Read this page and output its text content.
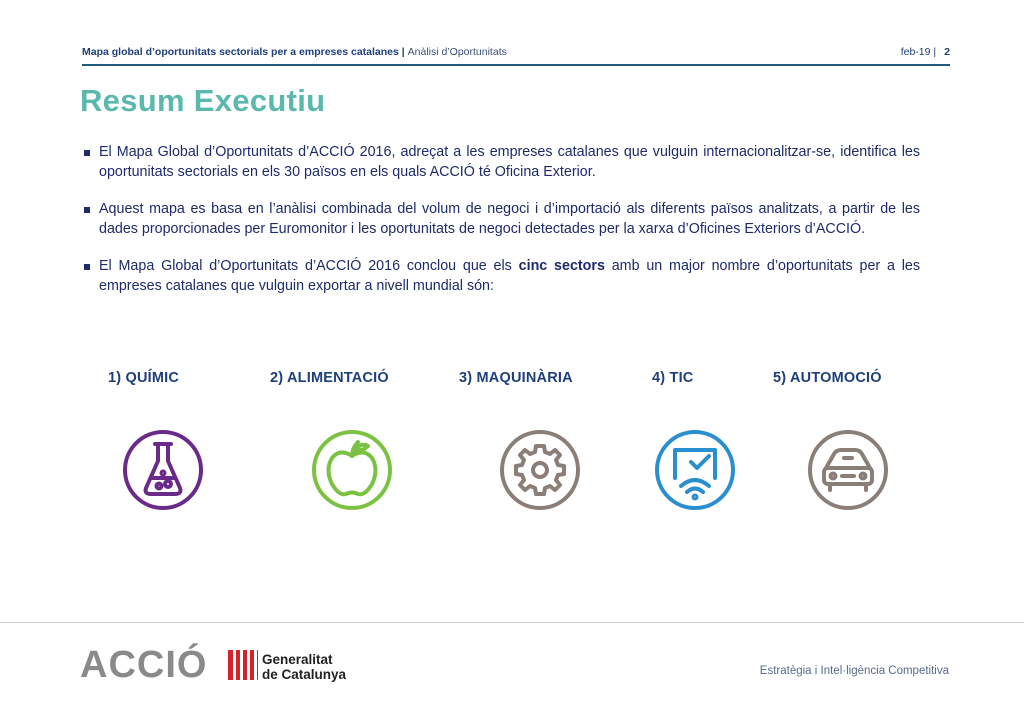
Mapa global d’oportunitats sectorials per a empreses catalanes | Anàlisi d’Oportunitats	feb-19 | 2
Resum Executiu
El Mapa Global d’Oportunitats d’ACCIÓ 2016, adreçat a les empreses catalanes que vulguin internacionalitzar-se, identifica les oportunitats sectorials en els 30 països en els quals ACCIÓ té Oficina Exterior.
Aquest mapa es basa en l’anàlisi combinada del volum de negoci i d’importació als diferents països analitzats, a partir de les dades proporcionades per Euromonitor i les oportunitats de negoci detectades per la xarxa d’Oficines Exteriors d’ACCIÓ.
El Mapa Global d’Oportunitats d’ACCIÓ 2016 conclou que els cinc sectors amb un major nombre d’oportunitats per a les empreses catalanes que vulguin exportar a nivell mundial són:
1) QUÍMIC	2) ALIMENTACIÓ	3) MAQUINÀRIA	4) TIC	5) AUTOMOCIÓ
ACCIÓ	Generalitat
de Catalunya	Estratègia i Intel·ligència Competitiva
